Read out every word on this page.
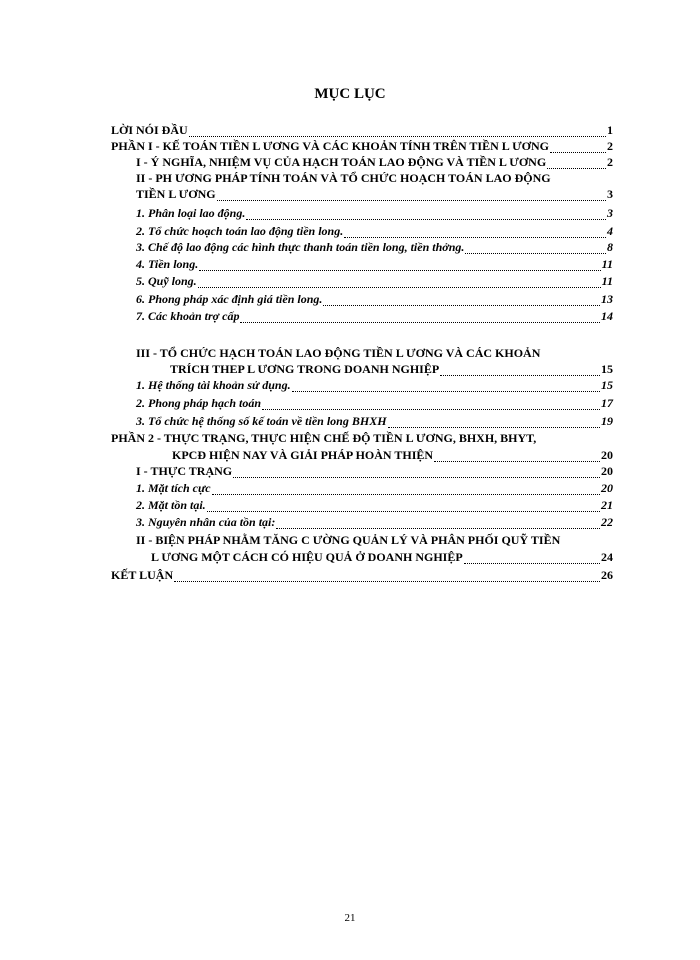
MỤC LỤC
LỜI NÓI ĐẦU	1
PHẦN I - KẾ TOÁN TIỀN L ƯƠNG VÀ CÁC KHOẢN TÍNH TRÊN TIỀN L ƯƠNG	2
I - Ý NGHĨA, NHIỆM VỤ CỦA HẠCH TOÁN LAO ĐỘNG VÀ TIỀN L ƯƠNG	2
II - PH ƯƠNG PHÁP TÍNH TOÁN VÀ TỔ CHỨC HOẠCH TOÁN LAO ĐỘNG
TIỀN L ƯƠNG	3
1. Phân loại lao động.	3
2. Tổ chức hoạch toán lao động tiền long.	4
3. Chế độ lao động các hình thực thanh toán tiền long, tiền thởng.	8
4. Tiền long.	11
5. Quỹ long.	11
6. Phong pháp xác định giá tiền long.	13
7. Các khoản trợ cấp	14
III - TỔ CHỨC HẠCH TOÁN LAO ĐỘNG TIỀN L ƯƠNG VÀ CÁC KHOẢN
TRÍCH THEP L ƯƠNG TRONG DOANH NGHIỆP	15
1. Hệ thống tài khoản sử dụng.	15
2. Phong pháp hạch toán	17
3. Tổ chức hệ thống số kế toán về tiền long BHXH	19
PHẦN 2 - THỰC TRẠNG, THỰC HIỆN CHẾ ĐỘ TIỀN L ƯƠNG, BHXH, BHYT,
KPCĐ HIỆN NAY VÀ GIẢI PHÁP HOÀN THIỆN	20
I - THỰC TRẠNG	20
1. Mặt tích cực	20
2. Mặt tồn tại.	21
3. Nguyên nhân của tồn tại:	22
II - BIỆN PHÁP NHẰM TĂNG C ƯỜNG QUẢN LÝ VÀ PHÂN PHỐI QUỸ TIỀN
L ƯƠNG MỘT CÁCH CÓ HIỆU QUẢ Ở DOANH NGHIỆP	24
KẾT LUẬN	26
21
